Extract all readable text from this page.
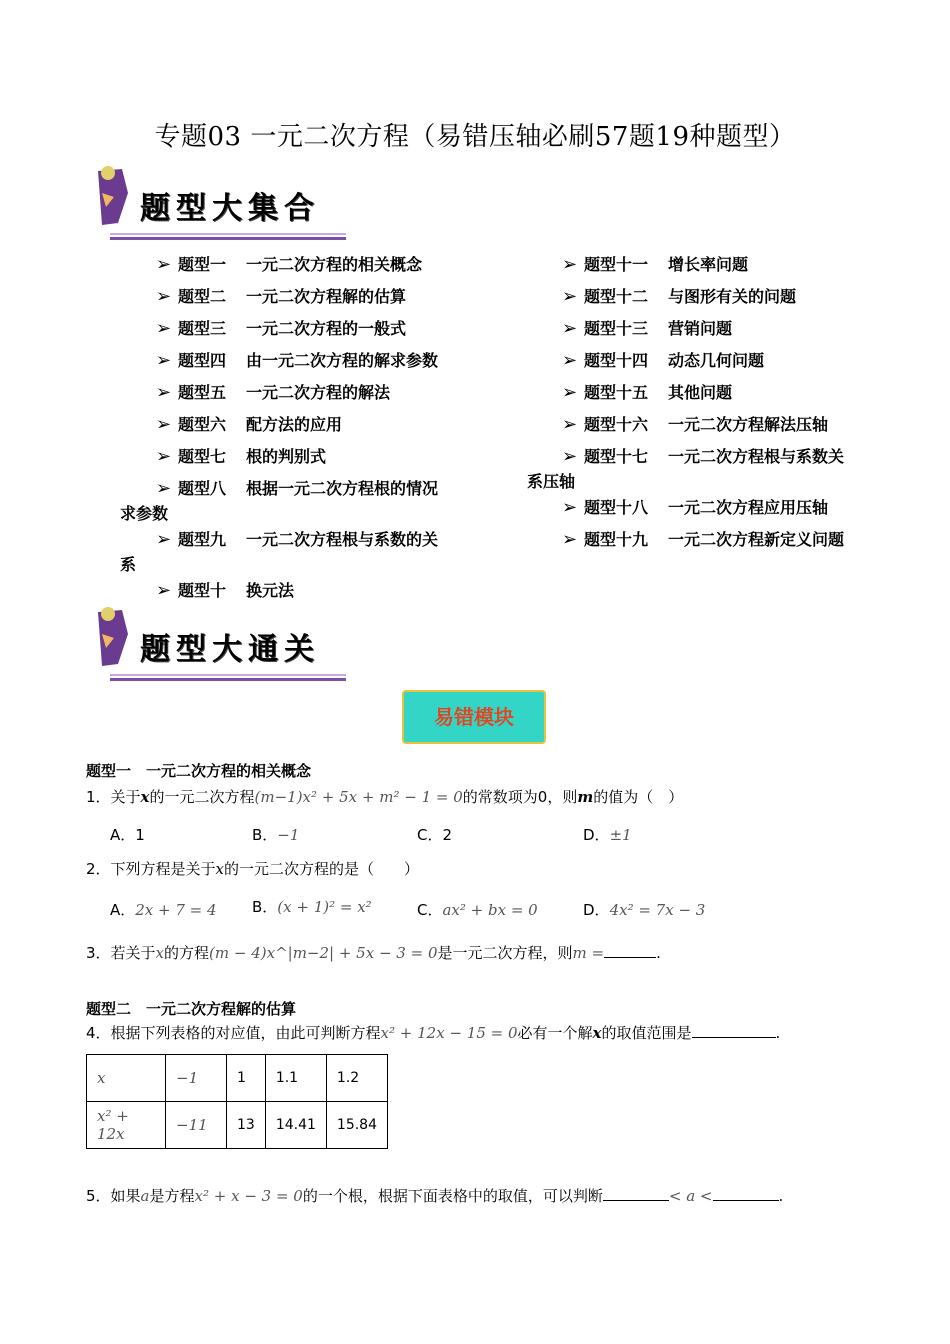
专题03 一元二次方程（易错压轴必刷57题19种题型）
题型大集合
➢ 题型一 一元二次方程的相关概念
➢ 题型二 一元二次方程解的估算
➢ 题型三 一元二次方程的一般式
➢ 题型四 由一元二次方程的解求参数
➢ 题型五 一元二次方程的解法
➢ 题型六 配方法的应用
➢ 题型七 根的判别式
➢ 题型八 根据一元二次方程根的情况
求参数
➢ 题型九 一元二次方程根与系数的关
系
➢ 题型十 换元法
➢ 题型十一 增长率问题
➢ 题型十二 与图形有关的问题
➢ 题型十三 营销问题
➢ 题型十四 动态几何问题
➢ 题型十五 其他问题
➢ 题型十六 一元二次方程解法压轴
➢ 题型十七 一元二次方程根与系数关
系压轴
➢ 题型十八 一元二次方程应用压轴
➢ 题型十九 一元二次方程新定义问题
题型大通关
易错模块
题型一　一元二次方程的相关概念
1．关于x的一元二次方程(m−1)x² + 5x + m² − 1 = 0的常数项为0，则m的值为（　）
A．1	B．−1	C．2	D．±1
2．下列方程是关于x的一元二次方程的是（　　）
A．2x + 7 = 4 B．(x + 1)² = x²	C．ax² + bx = 0	D．4x² = 7x − 3
3．若关于x的方程(m − 4)x^|m−2| + 5x − 3 = 0是一元二次方程，则m =	.
题型二　一元二次方程解的估算
4．根据下列表格的对应值，由此可判断方程x² + 12x − 15 = 0必有一个解x的取值范围是	.
x	−1	1	1.1	1.2
x² + 12x	−11	13	14.41	15.84
5．如果a是方程x² + x − 3 = 0的一个根，根据下面表格中的取值，可以判断	< a <	.
